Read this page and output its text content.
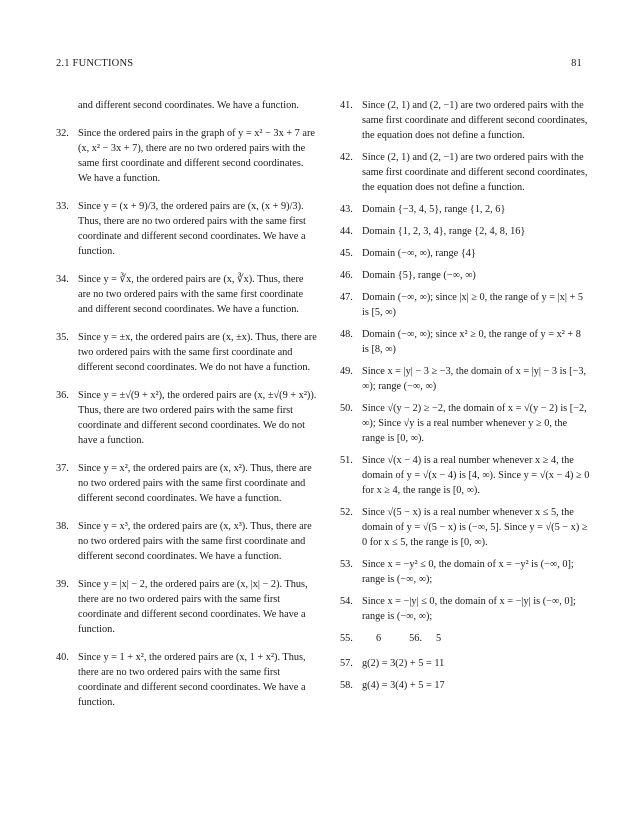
2.1 FUNCTIONS	81
and different second coordinates. We have a function.
32. Since the ordered pairs in the graph of y = x² − 3x + 7 are (x, x² − 3x + 7), there are no two ordered pairs with the same first coordinate and different second coordinates. We have a function.
33. Since y = (x + 9)/3, the ordered pairs are (x, (x + 9)/3). Thus, there are no two ordered pairs with the same first coordinate and different second coordinates. We have a function.
34. Since y = ∛x, the ordered pairs are (x, ∛x). Thus, there are no two ordered pairs with the same first coordinate and different second coordinates. We have a function.
35. Since y = ±x, the ordered pairs are (x, ±x). Thus, there are two ordered pairs with the same first coordinate and different second coordinates. We do not have a function.
36. Since y = ±√(9 + x²), the ordered pairs are (x, ±√(9 + x²)). Thus, there are two ordered pairs with the same first coordinate and different second coordinates. We do not have a function.
37. Since y = x², the ordered pairs are (x, x²). Thus, there are no two ordered pairs with the same first coordinate and different second coordinates. We have a function.
38. Since y = x³, the ordered pairs are (x, x³). Thus, there are no two ordered pairs with the same first coordinate and different second coordinates. We have a function.
39. Since y = |x| − 2, the ordered pairs are (x, |x| − 2). Thus, there are no two ordered pairs with the same first coordinate and different second coordinates. We have a function.
40. Since y = 1 + x², the ordered pairs are (x, 1 + x²). Thus, there are no two ordered pairs with the same first coordinate and different second coordinates. We have a function.
41. Since (2, 1) and (2, −1) are two ordered pairs with the same first coordinate and different second coordinates, the equation does not define a function.
42. Since (2, 1) and (2, −1) are two ordered pairs with the same first coordinate and different second coordinates, the equation does not define a function.
43. Domain {−3, 4, 5}, range {1, 2, 6}
44. Domain {1, 2, 3, 4}, range {2, 4, 8, 16}
45. Domain (−∞, ∞), range {4}
46. Domain {5}, range (−∞, ∞)
47. Domain (−∞, ∞); since |x| ≥ 0, the range of y = |x| + 5 is [5, ∞)
48. Domain (−∞, ∞); since x² ≥ 0, the range of y = x² + 8 is [8, ∞)
49. Since x = |y| − 3 ≥ −3, the domain of x = |y| − 3 is [−3, ∞); range (−∞, ∞)
50. Since √(y − 2) ≥ −2, the domain of x = √(y − 2) is [−2, ∞); Since √y is a real number whenever y ≥ 0, the range is [0, ∞).
51. Since √(x − 4) is a real number whenever x ≥ 4, the domain of y = √(x − 4) is [4, ∞). Since y = √(x − 4) ≥ 0 for x ≥ 4, the range is [0, ∞).
52. Since √(5 − x) is a real number whenever x ≤ 5, the domain of y = √(5 − x) is (−∞, 5]. Since y = √(5 − x) ≥ 0 for x ≤ 5, the range is [0, ∞).
53. Since x = −y² ≤ 0, the domain of x = −y² is (−∞, 0]; range is (−∞, ∞);
54. Since x = −|y| ≤ 0, the domain of x = −|y| is (−∞, 0]; range is (−∞, ∞);
55.	6	56. 5
57. g(2) = 3(2) + 5 = 11
58. g(4) = 3(4) + 5 = 17
